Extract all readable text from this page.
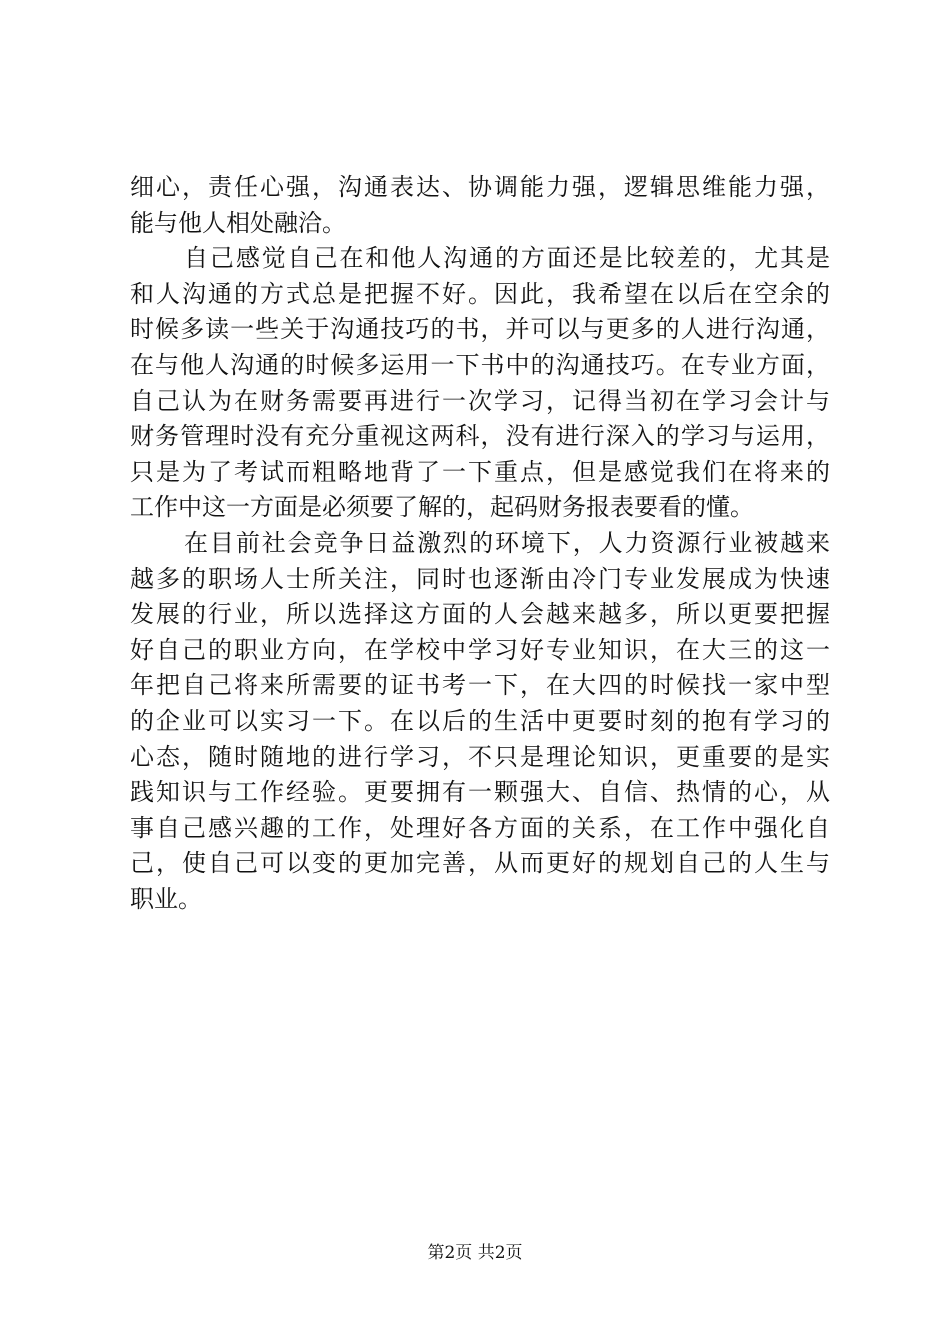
细心，责任心强，沟通表达、协调能力强，逻辑思维能力强，
能与他人相处融洽。
自己感觉自己在和他人沟通的方面还是比较差的，尤其是
和人沟通的方式总是把握不好。因此，我希望在以后在空余的
时候多读一些关于沟通技巧的书，并可以与更多的人进行沟通，
在与他人沟通的时候多运用一下书中的沟通技巧。在专业方面，
自己认为在财务需要再进行一次学习，记得当初在学习会计与
财务管理时没有充分重视这两科，没有进行深入的学习与运用，
只是为了考试而粗略地背了一下重点，但是感觉我们在将来的
工作中这一方面是必须要了解的，起码财务报表要看的懂。
在目前社会竞争日益激烈的环境下，人力资源行业被越来
越多的职场人士所关注，同时也逐渐由冷门专业发展成为快速
发展的行业，所以选择这方面的人会越来越多，所以更要把握
好自己的职业方向，在学校中学习好专业知识，在大三的这一
年把自己将来所需要的证书考一下，在大四的时候找一家中型
的企业可以实习一下。在以后的生活中更要时刻的抱有学习的
心态，随时随地的进行学习，不只是理论知识，更重要的是实
践知识与工作经验。更要拥有一颗强大、自信、热情的心，从
事自己感兴趣的工作，处理好各方面的关系，在工作中强化自
己，使自己可以变的更加完善，从而更好的规划自己的人生与
职业。
第2页 共2页
